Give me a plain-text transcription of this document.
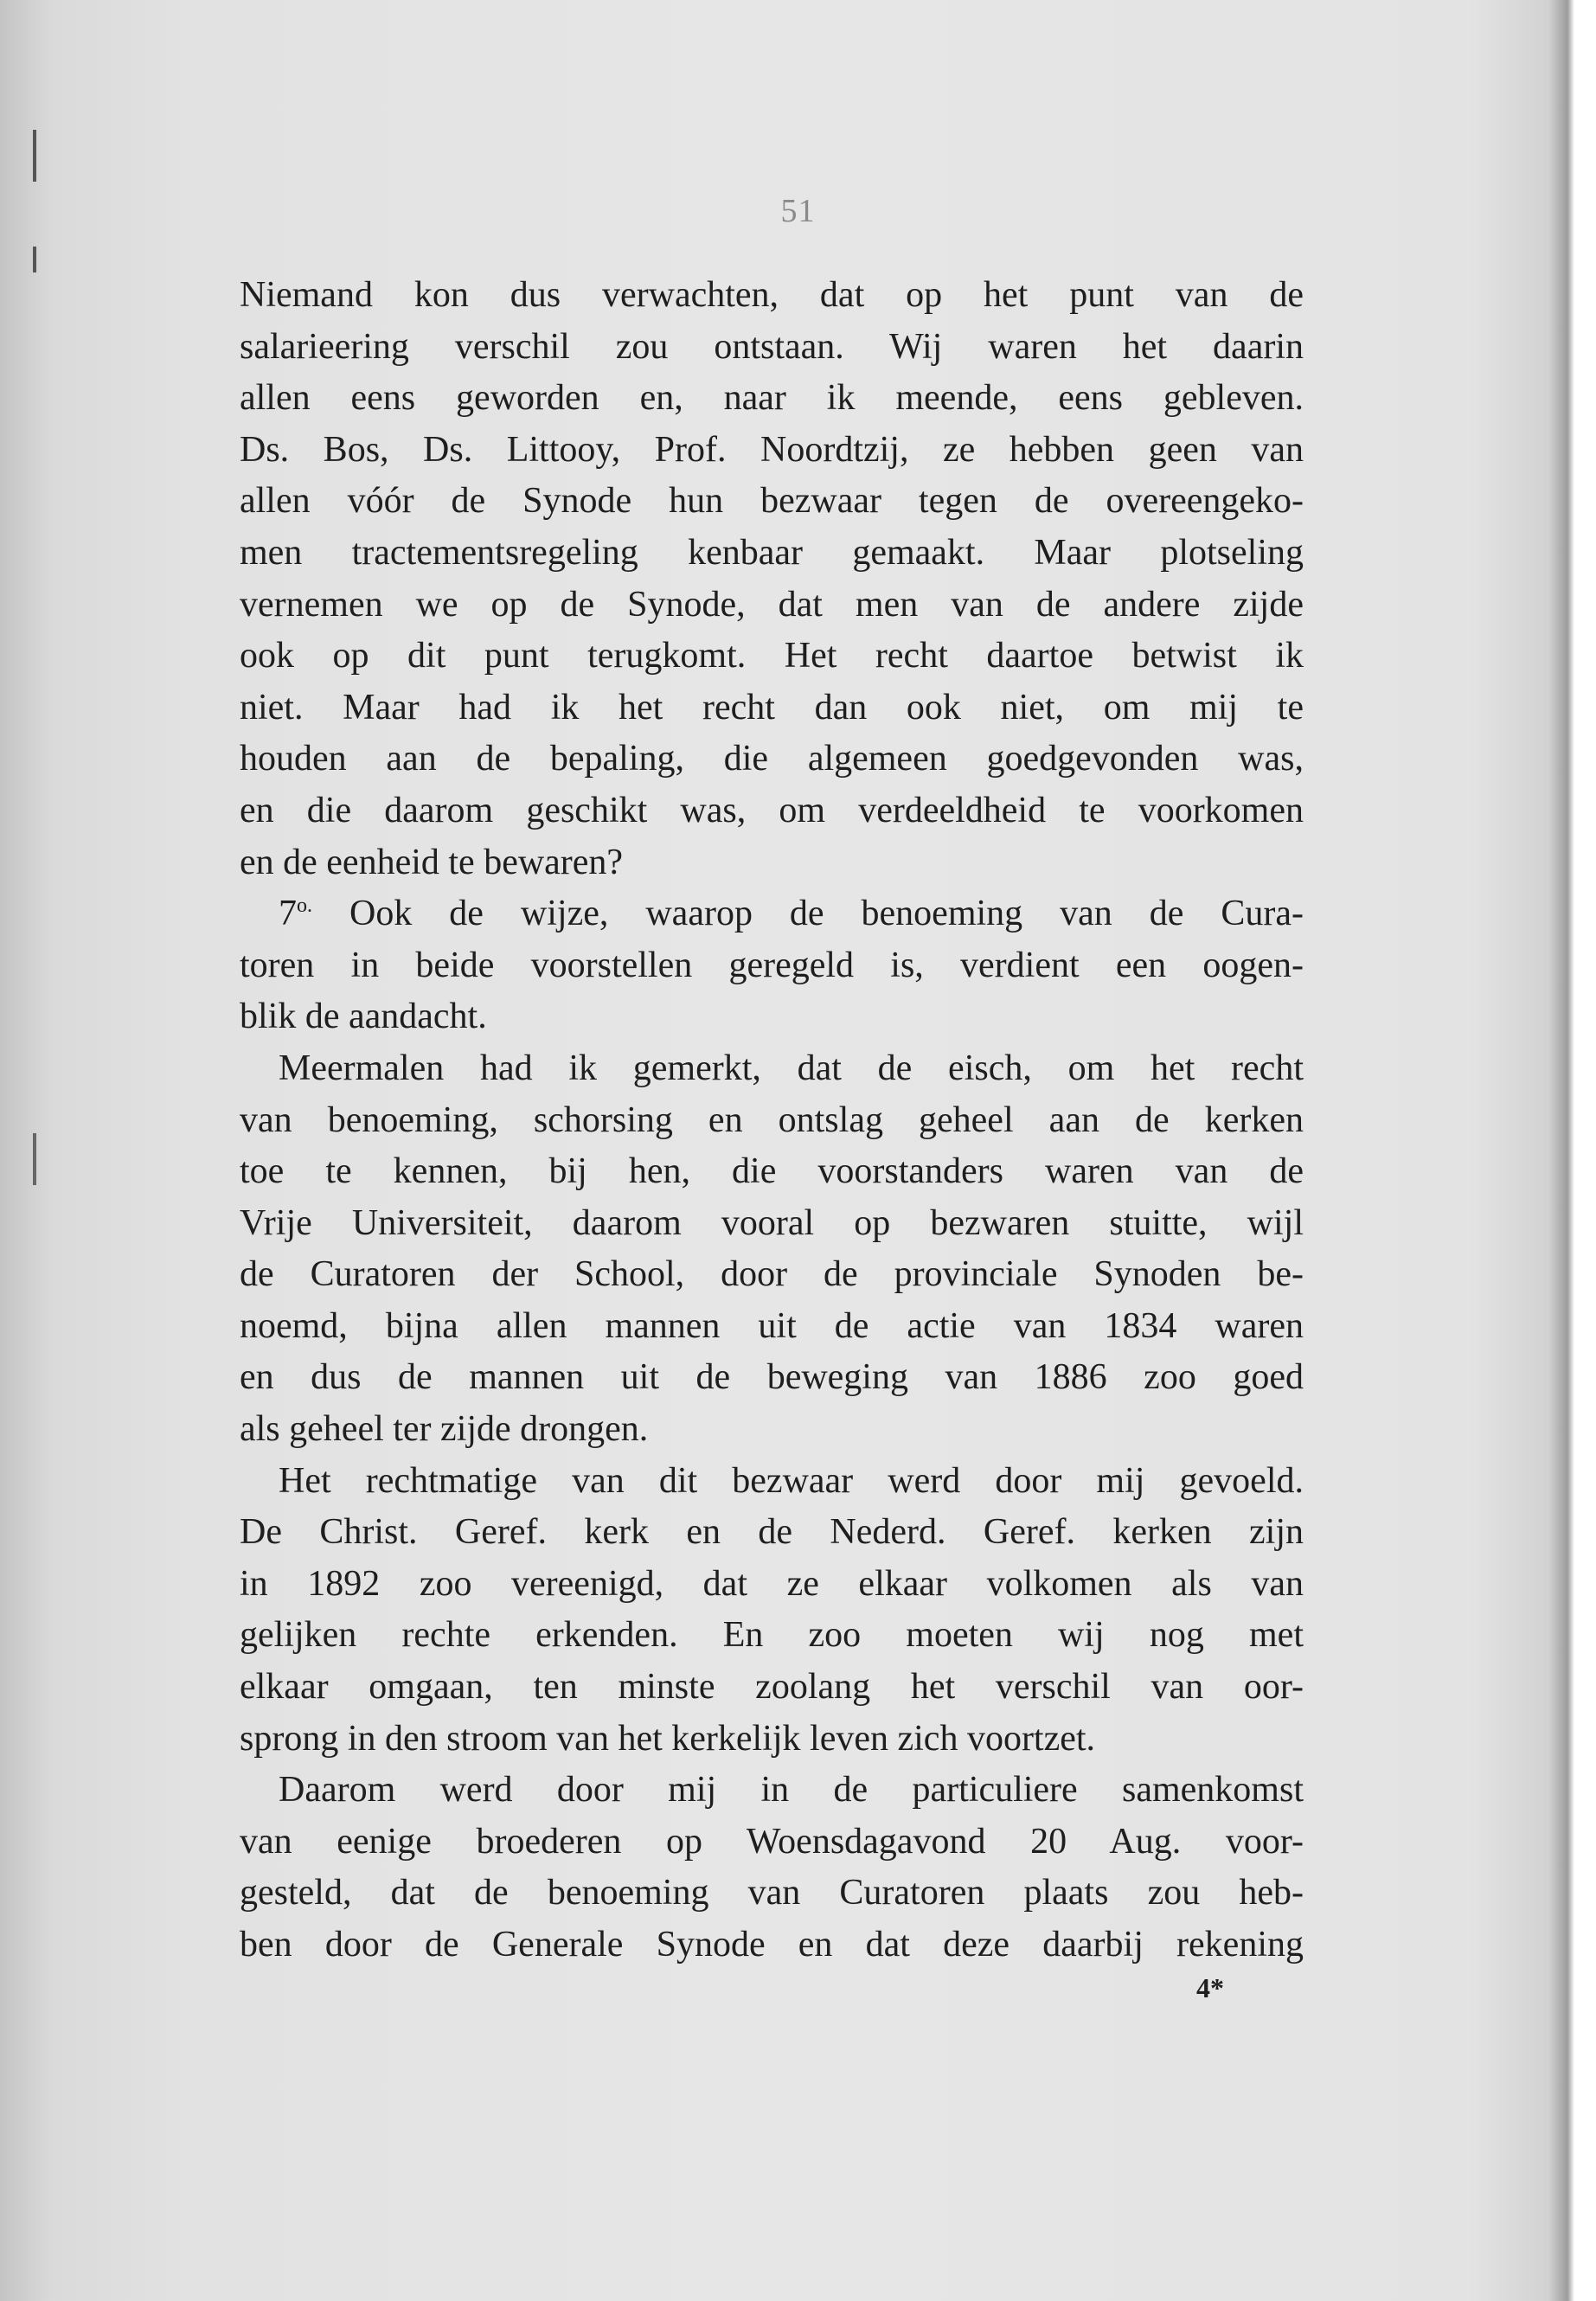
51
Niemand kon dus verwachten, dat op het punt van de
salarieering verschil zou ontstaan. Wij waren het daarin
allen eens geworden en, naar ik meende, eens gebleven.
Ds. Bos, Ds. Littooy, Prof. Noordtzij, ze hebben geen van
allen vóór de Synode hun bezwaar tegen de overeengeko-
men tractementsregeling kenbaar gemaakt. Maar plotseling
vernemen we op de Synode, dat men van de andere zijde
ook op dit punt terugkomt. Het recht daartoe betwist ik
niet. Maar had ik het recht dan ook niet, om mij te
houden aan de bepaling, die algemeen goedgevonden was,
en die daarom geschikt was, om verdeeldheid te voorkomen
en de eenheid te bewaren?
$7^{o.}$ Ook de wijze, waarop de benoeming van de Cura-
toren in beide voorstellen geregeld is, verdient een oogen-
blik de aandacht.
Meermalen had ik gemerkt, dat de eisch, om het recht
van benoeming, schorsing en ontslag geheel aan de kerken
toe te kennen, bij hen, die voorstanders waren van de
Vrije Universiteit, daarom vooral op bezwaren stuitte, wijl
de Curatoren der School, door de provinciale Synoden be-
noemd, bijna allen mannen uit de actie van 1834 waren
en dus de mannen uit de beweging van 1886 zoo goed
als geheel ter zijde drongen.
Het rechtmatige van dit bezwaar werd door mij gevoeld.
De Christ. Geref. kerk en de Nederd. Geref. kerken zijn
in 1892 zoo vereenigd, dat ze elkaar volkomen als van
gelijken rechte erkenden. En zoo moeten wij nog met
elkaar omgaan, ten minste zoolang het verschil van oor-
sprong in den stroom van het kerkelijk leven zich voortzet.
Daarom werd door mij in de particuliere samenkomst
van eenige broederen op Woensdagavond 20 Aug. voor-
gesteld, dat de benoeming van Curatoren plaats zou heb-
ben door de Generale Synode en dat deze daarbij rekening
4*
